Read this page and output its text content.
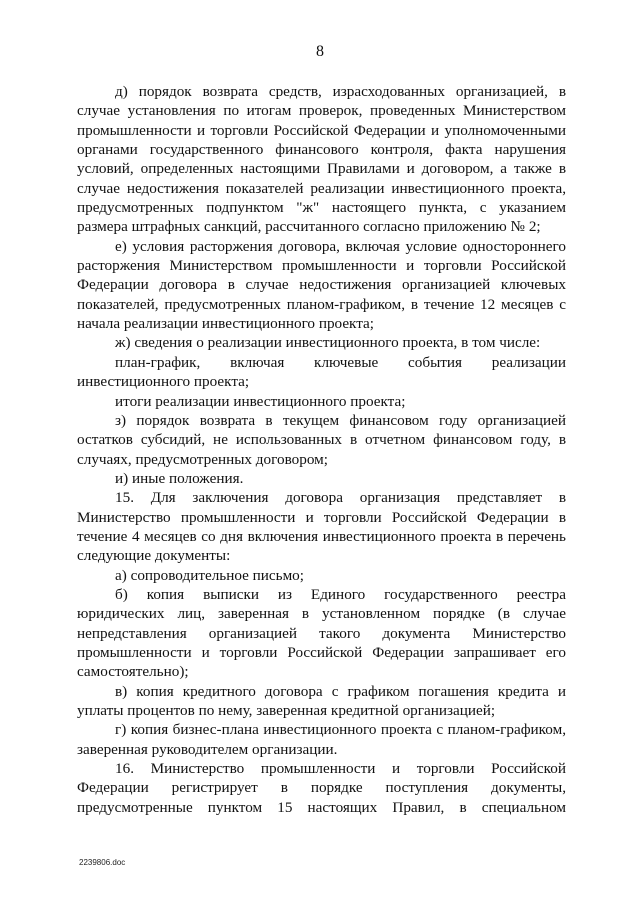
8

д) порядок возврата средств, израсходованных организацией, в случае установления по итогам проверок, проведенных Министерством промышленности и торговли Российской Федерации и уполномоченными органами государственного финансового контроля, факта нарушения условий, определенных настоящими Правилами и договором, а также в случае недостижения показателей реализации инвестиционного проекта, предусмотренных подпунктом "ж" настоящего пункта, с указанием размера штрафных санкций, рассчитанного согласно приложению № 2;

е) условия расторжения договора, включая условие одностороннего расторжения Министерством промышленности и торговли Российской Федерации договора в случае недостижения организацией ключевых показателей, предусмотренных планом-графиком, в течение 12 месяцев с начала реализации инвестиционного проекта;

ж) сведения о реализации инвестиционного проекта, в том числе:

план-график, включая ключевые события реализации инвестиционного проекта;

итоги реализации инвестиционного проекта;

з) порядок возврата в текущем финансовом году организацией остатков субсидий, не использованных в отчетном финансовом году, в случаях, предусмотренных договором;

и) иные положения.

15. Для заключения договора организация представляет в Министерство промышленности и торговли Российской Федерации в течение 4 месяцев со дня включения инвестиционного проекта в перечень следующие документы:

а) сопроводительное письмо;

б) копия выписки из Единого государственного реестра юридических лиц, заверенная в установленном порядке (в случае непредставления организацией такого документа Министерство промышленности и торговли Российской Федерации запрашивает его самостоятельно);

в) копия кредитного договора с графиком погашения кредита и уплаты процентов по нему, заверенная кредитной организацией;

г) копия бизнес-плана инвестиционного проекта с планом-графиком, заверенная руководителем организации.

16. Министерство промышленности и торговли Российской Федерации регистрирует в порядке поступления документы, предусмотренные пунктом 15 настоящих Правил, в специальном

2239806.doc
